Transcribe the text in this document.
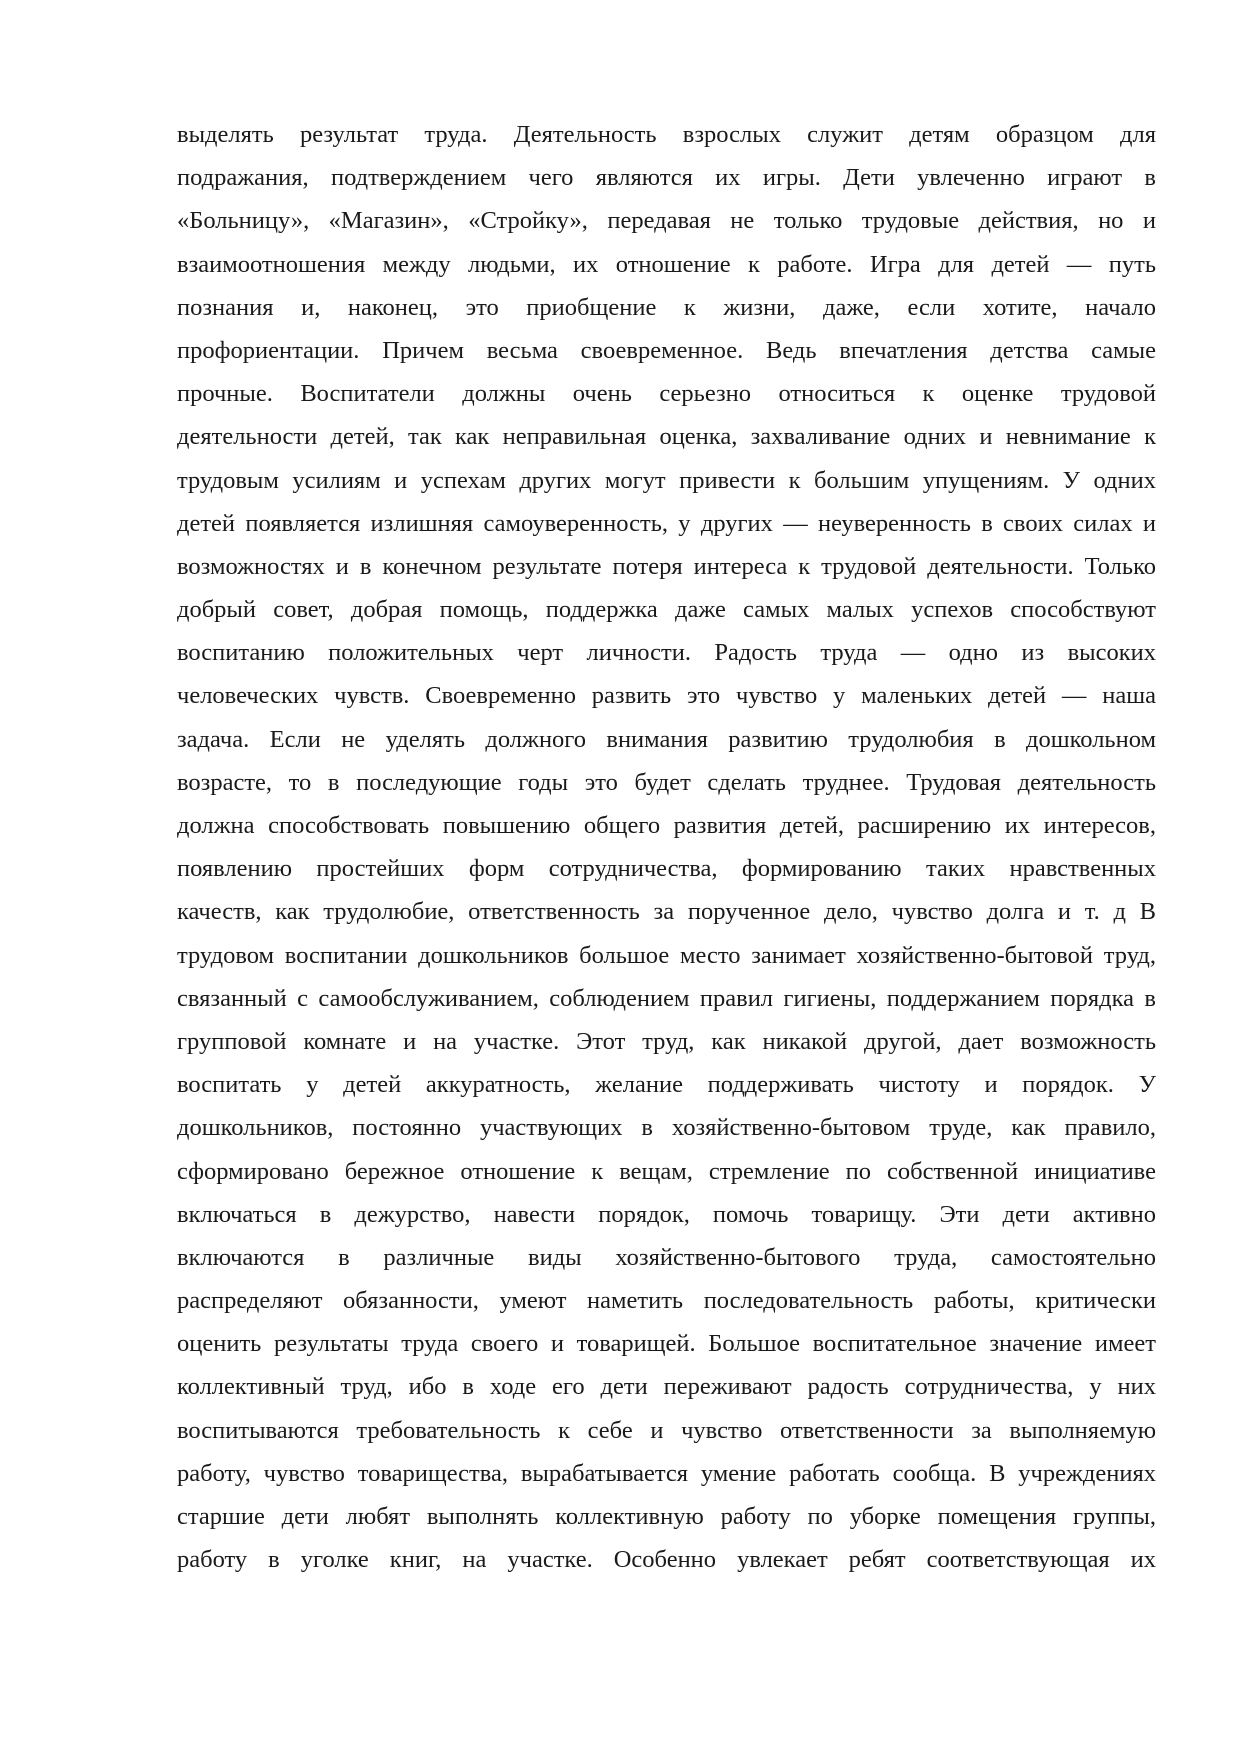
выделять результат труда. Деятельность взрослых служит детям образцом для
подражания, подтверждением чего являются их игры. Дети увлеченно играют в
«Больницу», «Магазин», «Стройку», передавая не только трудовые действия, но и
взаимоотношения между людьми, их отношение к работе. Игра для детей — путь
познания и, наконец, это приобщение к жизни, даже, если хотите, начало
профориентации. Причем весьма своевременное. Ведь впечатления детства самые
прочные. Воспитатели должны очень серьезно относиться к оценке трудовой
деятельности детей, так как неправильная оценка, захваливание одних и невнимание к
трудовым усилиям и успехам других могут привести к большим упущениям. У одних
детей появляется излишняя самоуверенность, у других — неуверенность в своих силах и
возможностях и в конечном результате потеря интереса к трудовой деятельности. Только
добрый совет, добрая помощь, поддержка даже самых малых успехов способствуют
воспитанию положительных черт личности. Радость труда — одно из высоких
человеческих чувств. Своевременно развить это чувство у маленьких детей — наша
задача. Если не уделять должного внимания развитию трудолюбия в дошкольном
возрасте, то в последующие годы это будет сделать труднее. Трудовая деятельность
должна способствовать повышению общего развития детей, расширению их интересов,
появлению простейших форм сотрудничества, формированию таких нравственных
качеств, как трудолюбие, ответственность за порученное дело, чувство долга и т. д В
трудовом воспитании дошкольников большое место занимает хозяйственно-бытовой труд,
связанный с самообслуживанием, соблюдением правил гигиены, поддержанием порядка в
групповой комнате и на участке. Этот труд, как никакой другой, дает возможность
воспитать у детей аккуратность, желание поддерживать чистоту и порядок. У
дошкольников, постоянно участвующих в хозяйственно-бытовом труде, как правило,
сформировано бережное отношение к вещам, стремление по собственной инициативе
включаться в дежурство, навести порядок, помочь товарищу. Эти дети активно
включаются в различные виды хозяйственно-бытового труда, самостоятельно
распределяют обязанности, умеют наметить последовательность работы, критически
оценить результаты труда своего и товарищей. Большое воспитательное значение имеет
коллективный труд, ибо в ходе его дети переживают радость сотрудничества, у них
воспитываются требовательность к себе и чувство ответственности за выполняемую
работу, чувство товарищества, вырабатывается умение работать сообща. В учреждениях
старшие дети любят выполнять коллективную работу по уборке помещения группы,
работу в уголке книг, на участке. Особенно увлекает ребят соответствующая их
